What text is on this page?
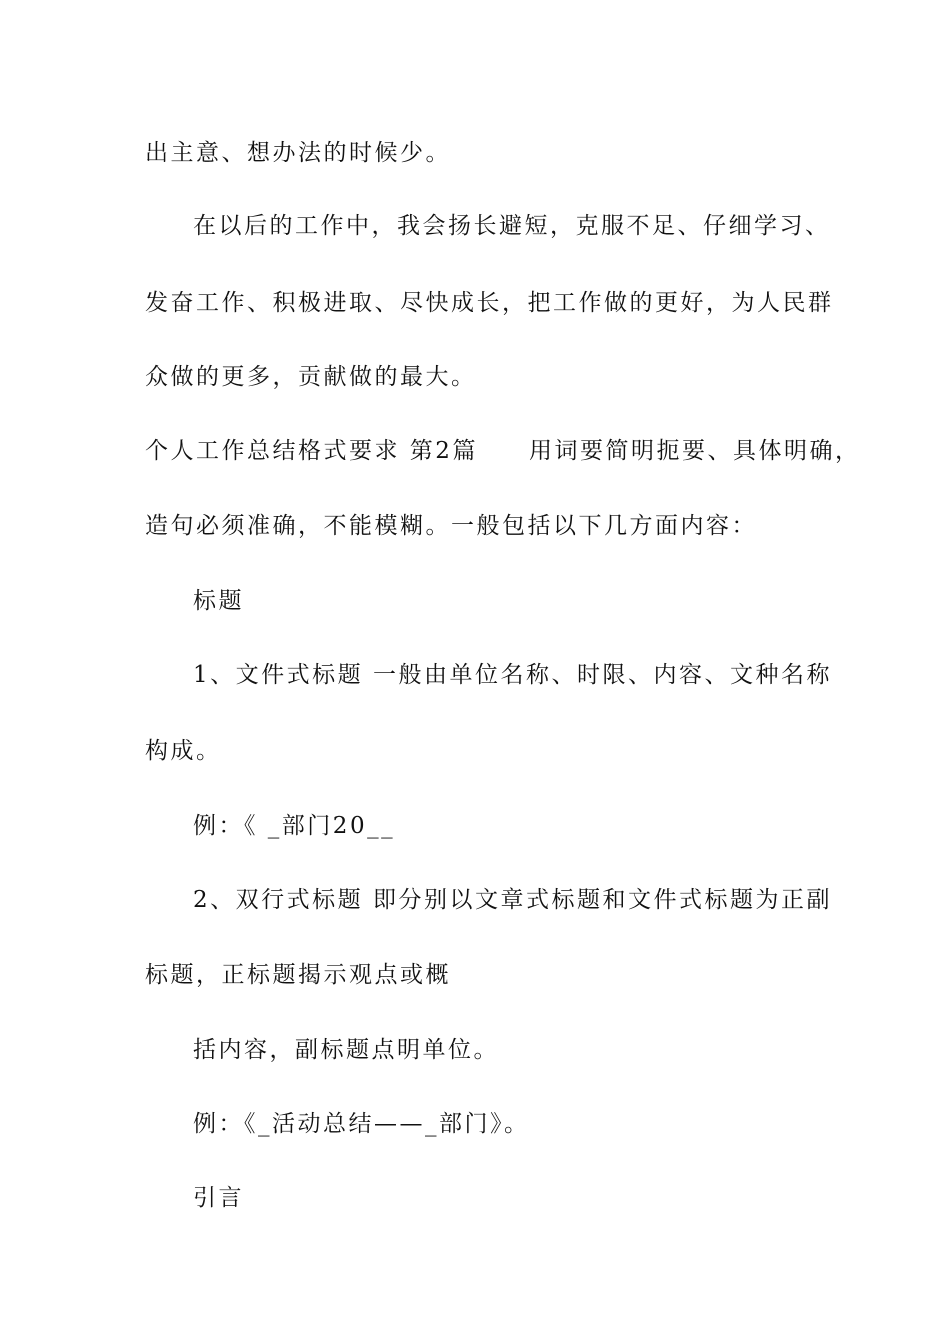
出主意、想办法的时候少。
在以后的工作中，我会扬长避短，克服不足、仔细学习、
发奋工作、积极进取、尽快成长，把工作做的更好，为人民群
众做的更多，贡献做的最大。
个人工作总结格式要求 第2篇　　用词要简明扼要、具体明确，
造句必须准确，不能模糊。一般包括以下几方面内容：
标题
1、文件式标题 一般由单位名称、时限、内容、文种名称
构成。
例：《 _部门20__
2、双行式标题 即分别以文章式标题和文件式标题为正副
标题，正标题揭示观点或概
括内容，副标题点明单位。
例：《_活动总结——_部门》。
引言
